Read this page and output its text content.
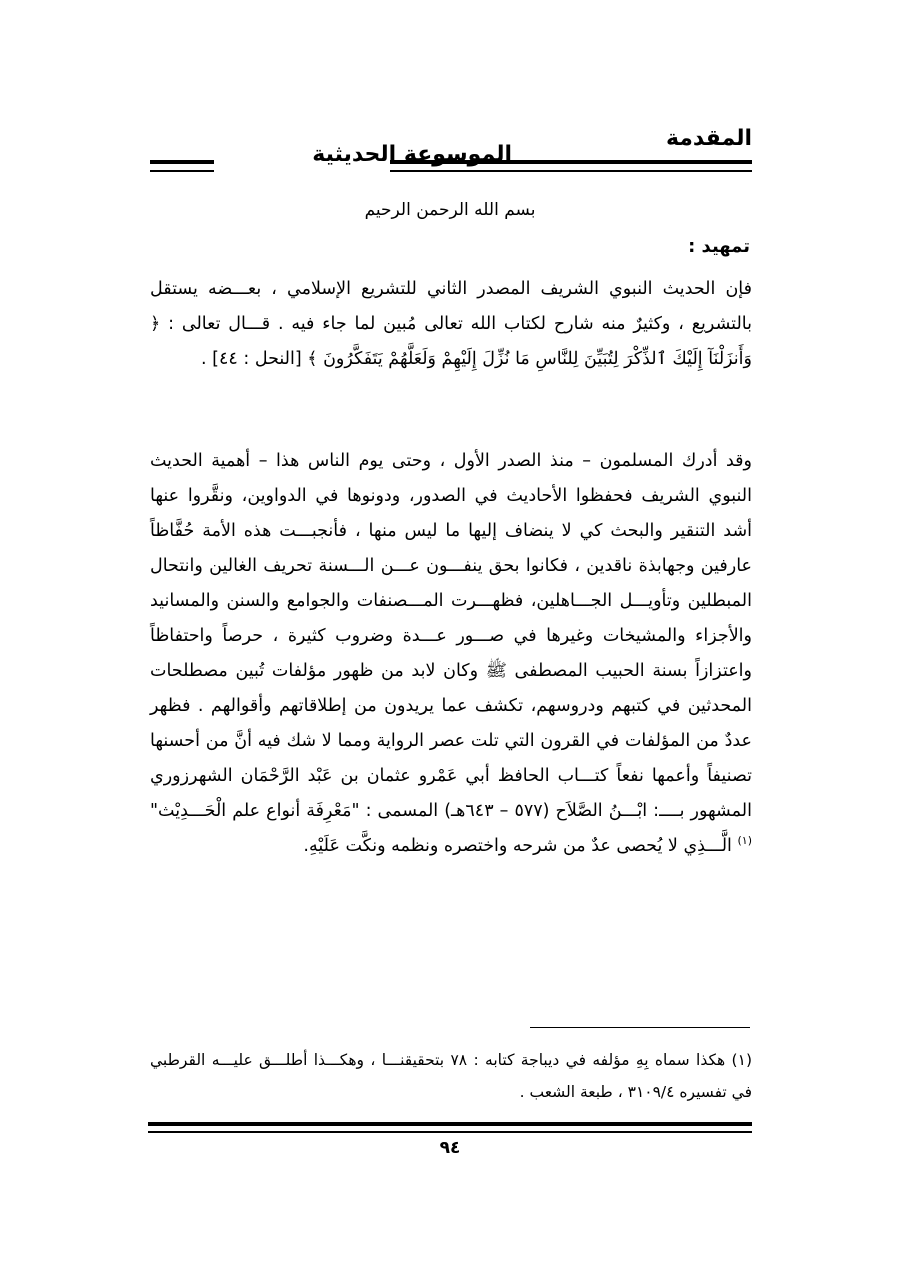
المقدمة
الموسوعة الحديثية
بسم الله الرحمن الرحيم
تمهيد :
فإن الحديث النبوي الشريف المصدر الثاني للتشريع الإسلامي ، بعـــضه يستقل بالتشريع ، وكثيرٌ منه شارح لكتاب الله تعالى مُبين لما جاء فيه . قـــال تعالى : ﴿ وَأَنزَلْنَآ إِلَيْكَ ٱلذِّكْرَ لِتُبَيِّنَ لِلنَّاسِ مَا نُزِّلَ إِلَيْهِمْ وَلَعَلَّهُمْ يَتَفَكَّرُونَ ﴾ [النحل : ٤٤] .
وقد أدرك المسلمون – منذ الصدر الأول ، وحتى يوم الناس هذا – أهمية الحديث النبوي الشريف فحفظوا الأحاديث في الصدور، ودونوها في الدواوين، ونقَّروا عنها أشد التنقير والبحث كي لا ينضاف إليها ما ليس منها ، فأنجبـــت هذه الأمة حُفَّاظاً عارفين وجهابذة ناقدين ، فكانوا بحق ينفـــون عـــن الـــسنة تحريف الغالين وانتحال المبطلين وتأويـــل الجـــاهلين، فظهـــرت المـــصنفات والجوامع والسنن والمسانيد والأجزاء والمشيخات وغيرها في صـــور عـــدة وضروب كثيرة ، حرصاً واحتفاظاً واعتزازاً بسنة الحبيب المصطفى ﷺ وكان لابد من ظهور مؤلفات تُبين مصطلحات المحدثين في كتبهم ودروسهم، تكشف عما يريدون من إطلاقاتهم وأقوالهم . فظهر عددٌ من المؤلفات في القرون التي تلت عصر الرواية ومما لا شك فيه أنَّ من أحسنها تصنيفاً وأعمها نفعاً كتـــاب الحافظ أبي عَمْرو عثمان بن عَبْد الرَّحْمَان الشهرزوري المشهور بــــ: ابْـــنُ الصَّلاَح (٥٧٧ – ٦٤٣هـ) المسمى : "مَعْرِفَة أنواع علم الْحَـــدِيْث"$^{(١)}$ الَّـــذِي لا يُحصى عدٌ من شرحه واختصره ونظمه ونكَّت عَلَيْهِ.
(١) هكذا سماه بِهِ مؤلفه في ديباجة كتابه : ٧٨ بتحقيقنـــا ، وهكـــذا أطلـــق عليـــه القرطبي في تفسيره ٣١٠٩/٤ ، طبعة الشعب .
٩٤
